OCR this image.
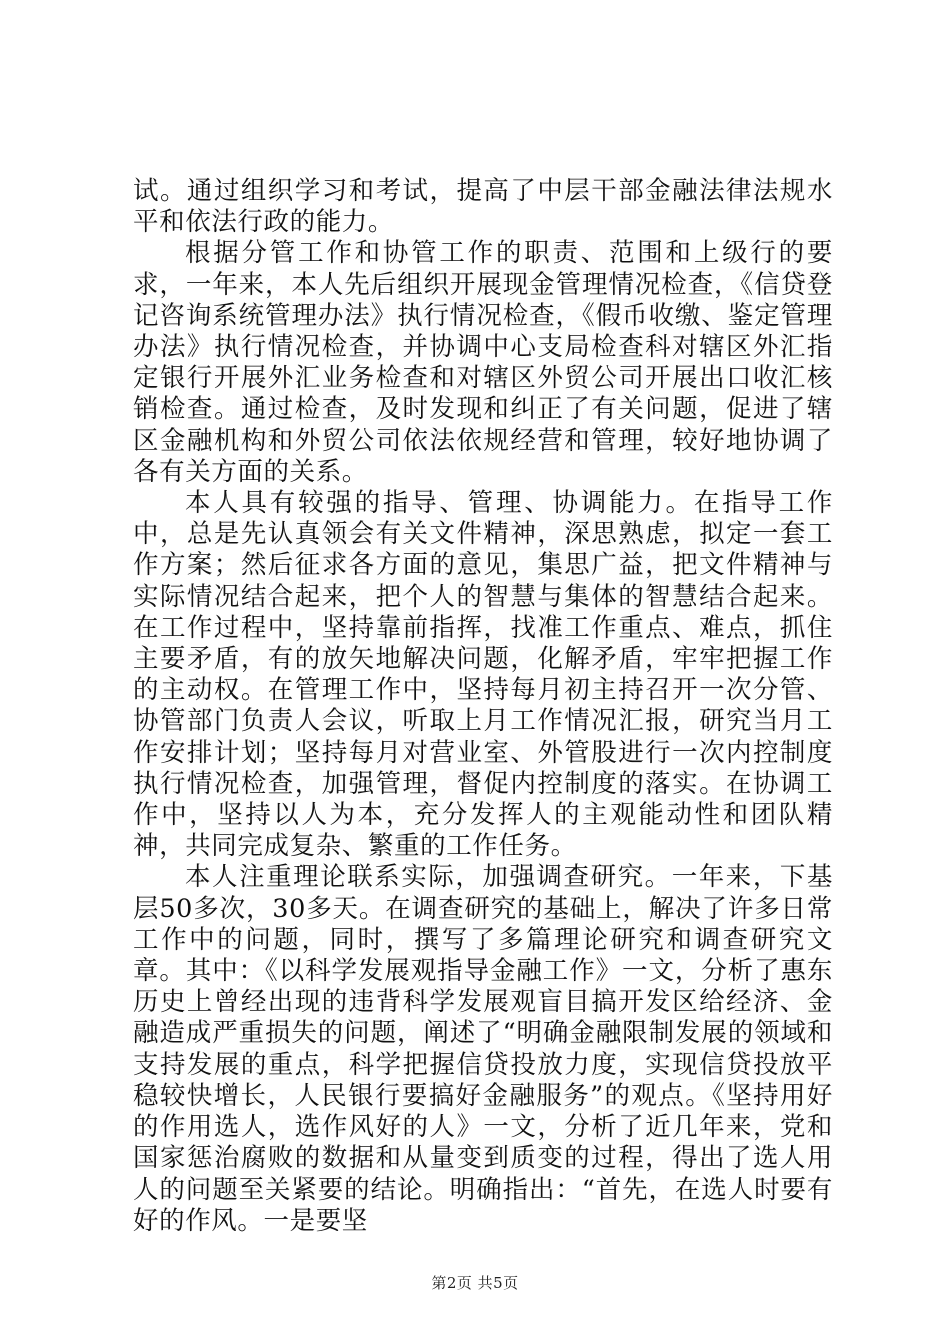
试。通过组织学习和考试，提高了中层干部金融法律法规水平和依法行政的能力。

根据分管工作和协管工作的职责、范围和上级行的要求，一年来，本人先后组织开展现金管理情况检查，《信贷登记咨询系统管理办法》执行情况检查，《假币收缴、鉴定管理办法》执行情况检查，并协调中心支局检查科对辖区外汇指定银行开展外汇业务检查和对辖区外贸公司开展出口收汇核销检查。通过检查，及时发现和纠正了有关问题，促进了辖区金融机构和外贸公司依法依规经营和管理，较好地协调了各有关方面的关系。

本人具有较强的指导、管理、协调能力。在指导工作中，总是先认真领会有关文件精神，深思熟虑，拟定一套工作方案；然后征求各方面的意见，集思广益，把文件精神与实际情况结合起来，把个人的智慧与集体的智慧结合起来。在工作过程中，坚持靠前指挥，找准工作重点、难点，抓住主要矛盾，有的放矢地解决问题，化解矛盾，牢牢把握工作的主动权。在管理工作中，坚持每月初主持召开一次分管、协管部门负责人会议，听取上月工作情况汇报，研究当月工作安排计划；坚持每月对营业室、外管股进行一次内控制度执行情况检查，加强管理，督促内控制度的落实。在协调工作中，坚持以人为本，充分发挥人的主观能动性和团队精神，共同完成复杂、繁重的工作任务。

本人注重理论联系实际，加强调查研究。一年来，下基层50多次，30多天。在调查研究的基础上，解决了许多日常工作中的问题，同时，撰写了多篇理论研究和调查研究文章。其中：《以科学发展观指导金融工作》一文，分析了惠东历史上曾经出现的违背科学发展观盲目搞开发区给经济、金融造成严重损失的问题，阐述了“明确金融限制发展的领域和支持发展的重点，科学把握信贷投放力度，实现信贷投放平稳较快增长，人民银行要搞好金融服务”的观点。《坚持用好的作用选人，选作风好的人》一文，分析了近几年来，党和国家惩治腐败的数据和从量变到质变的过程，得出了选人用人的问题至关紧要的结论。明确指出：“首先，在选人时要有好的作风。一是要坚

第2页 共5页
